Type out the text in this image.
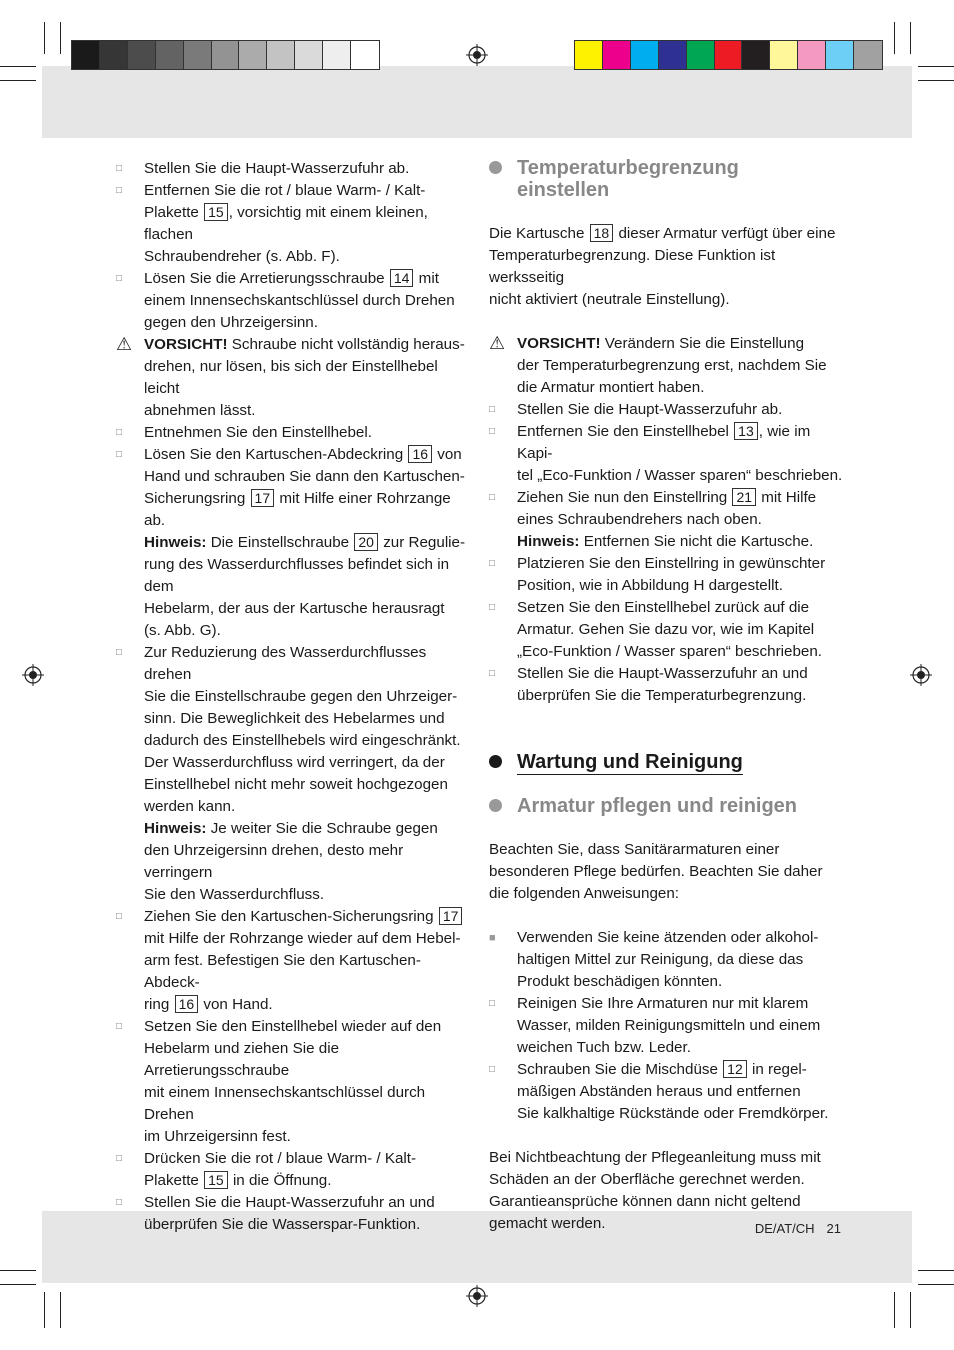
□	Stellen Sie die Haupt-Wasserzufuhr ab.
□	Entfernen Sie die rot / blaue Warm- / Kalt-
Plakette 15 , vorsichtig mit einem kleinen, flachen
Schraubendreher (s. Abb. F).
□	Lösen Sie die Arretierungsschraube 14 mit
einem Innensechskantschlüssel durch Drehen
gegen den Uhrzeigersinn.
⚠ VORSICHT! Schraube nicht vollständig heraus-
drehen, nur lösen, bis sich der Einstellhebel leicht
abnehmen lässt.
□	Entnehmen Sie den Einstellhebel.
□	Lösen Sie den Kartuschen-Abdeckring 16 von
Hand und schrauben Sie dann den Kartuschen-
Sicherungsring 17 mit Hilfe einer Rohrzange ab.
Hinweis: Die Einstellschraube 20 zur Regulie-
rung des Wasserdurchflusses befindet sich in dem
Hebelarm, der aus der Kartusche herausragt
(s. Abb. G).
□	Zur Reduzierung des Wasserdurchflusses drehen
Sie die Einstellschraube gegen den Uhrzeiger-
sinn. Die Beweglichkeit des Hebelarmes und
dadurch des Einstellhebels wird eingeschränkt.
Der Wasserdurchfluss wird verringert, da der
Einstellhebel nicht mehr soweit hochgezogen
werden kann.
Hinweis: Je weiter Sie die Schraube gegen
den Uhrzeigersinn drehen, desto mehr verringern
Sie den Wasserdurchfluss.
□	Ziehen Sie den Kartuschen-Sicherungsring 17
mit Hilfe der Rohrzange wieder auf dem Hebel-
arm fest. Befestigen Sie den Kartuschen-Abdeck-
ring 16 von Hand.
□	Setzen Sie den Einstellhebel wieder auf den
Hebelarm und ziehen Sie die Arretierungsschraube
mit einem Innensechskantschlüssel durch Drehen
im Uhrzeigersinn fest.
□	Drücken Sie die rot / blaue Warm- / Kalt-
Plakette 15 in die Öffnung.
□	Stellen Sie die Haupt-Wasserzufuhr an und
überprüfen Sie die Wasserspar-Funktion.
Temperaturbegrenzung
einstellen

Die Kartusche 18 dieser Armatur verfügt über eine
Temperaturbegrenzung. Diese Funktion ist werksseitig
nicht aktiviert (neutrale Einstellung).

⚠ VORSICHT! Verändern Sie die Einstellung
der Temperaturbegrenzung erst, nachdem Sie
die Armatur montiert haben.
□	Stellen Sie die Haupt-Wasserzufuhr ab.
□	Entfernen Sie den Einstellhebel 13 , wie im Kapi-
tel „Eco-Funktion / Wasser sparen“ beschrieben.
□	Ziehen Sie nun den Einstellring 21 mit Hilfe
eines Schraubendrehers nach oben.
Hinweis: Entfernen Sie nicht die Kartusche.
□	Platzieren Sie den Einstellring in gewünschter
Position, wie in Abbildung H dargestellt.
□	Setzen Sie den Einstellhebel zurück auf die
Armatur. Gehen Sie dazu vor, wie im Kapitel
„Eco-Funktion / Wasser sparen“ beschrieben.
□	Stellen Sie die Haupt-Wasserzufuhr an und
überprüfen Sie die Temperaturbegrenzung.
Wartung und Reinigung
Armatur pflegen und reinigen

Beachten Sie, dass Sanitärarmaturen einer
besonderen Pflege bedürfen. Beachten Sie daher
die folgenden Anweisungen:

■	Verwenden Sie keine ätzenden oder alkohol-
haltigen Mittel zur Reinigung, da diese das
Produkt beschädigen könnten.
□	Reinigen Sie Ihre Armaturen nur mit klarem
Wasser, milden Reinigungsmitteln und einem
weichen Tuch bzw. Leder.
□	Schrauben Sie die Mischdüse 12 in regel-
mäßigen Abständen heraus und entfernen
Sie kalkhaltige Rückstände oder Fremdkörper.

Bei Nichtbeachtung der Pflegeanleitung muss mit
Schäden an der Oberfläche gerechnet werden.
Garantieansprüche können dann nicht geltend
gemacht werden.	DE/AT/CH 21
